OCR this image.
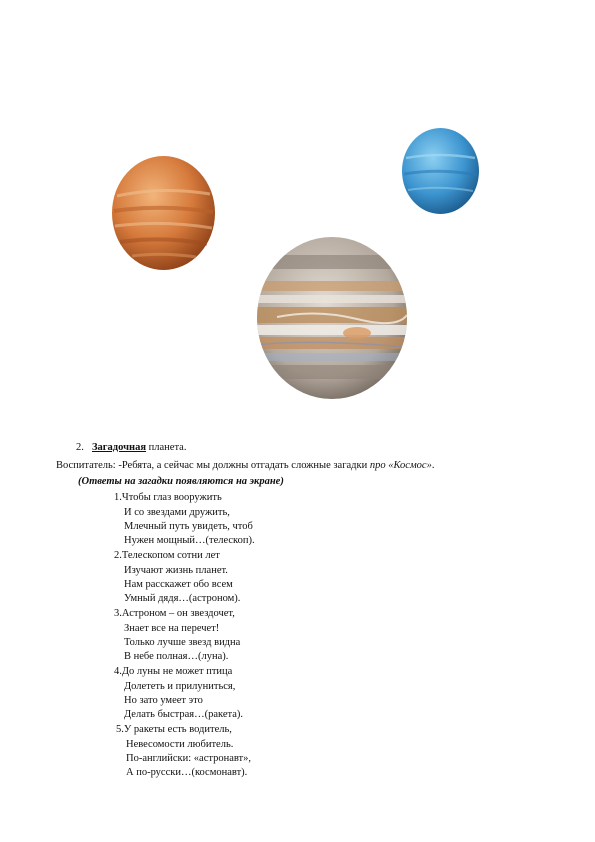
2. Загадочная планета.
Воспитатель: -Ребята, а сейчас мы должны отгадать сложные загадки про «Космос».
(Ответы на загадки появляются на экране)
1.Чтобы глаз вооружить
И со звездами дружить,
Млечный путь увидеть, чтоб
Нужен мощный…(телескоп).
2.Телескопом сотни лет
Изучают жизнь планет.
Нам расскажет обо всем
Умный дядя…(астроном).
3.Астроном – он звездочет,
Знает все на перечет!
Только лучше звезд видна
В небе полная…(луна).
4.До луны не может птица
Долететь и прилуниться,
Но зато умеет это
Делать быстрая…(ракета).
5.У ракеты есть водитель,
Невесомости любитель.
По-английски: «астронавт»,
А по-русски…(космонавт).
